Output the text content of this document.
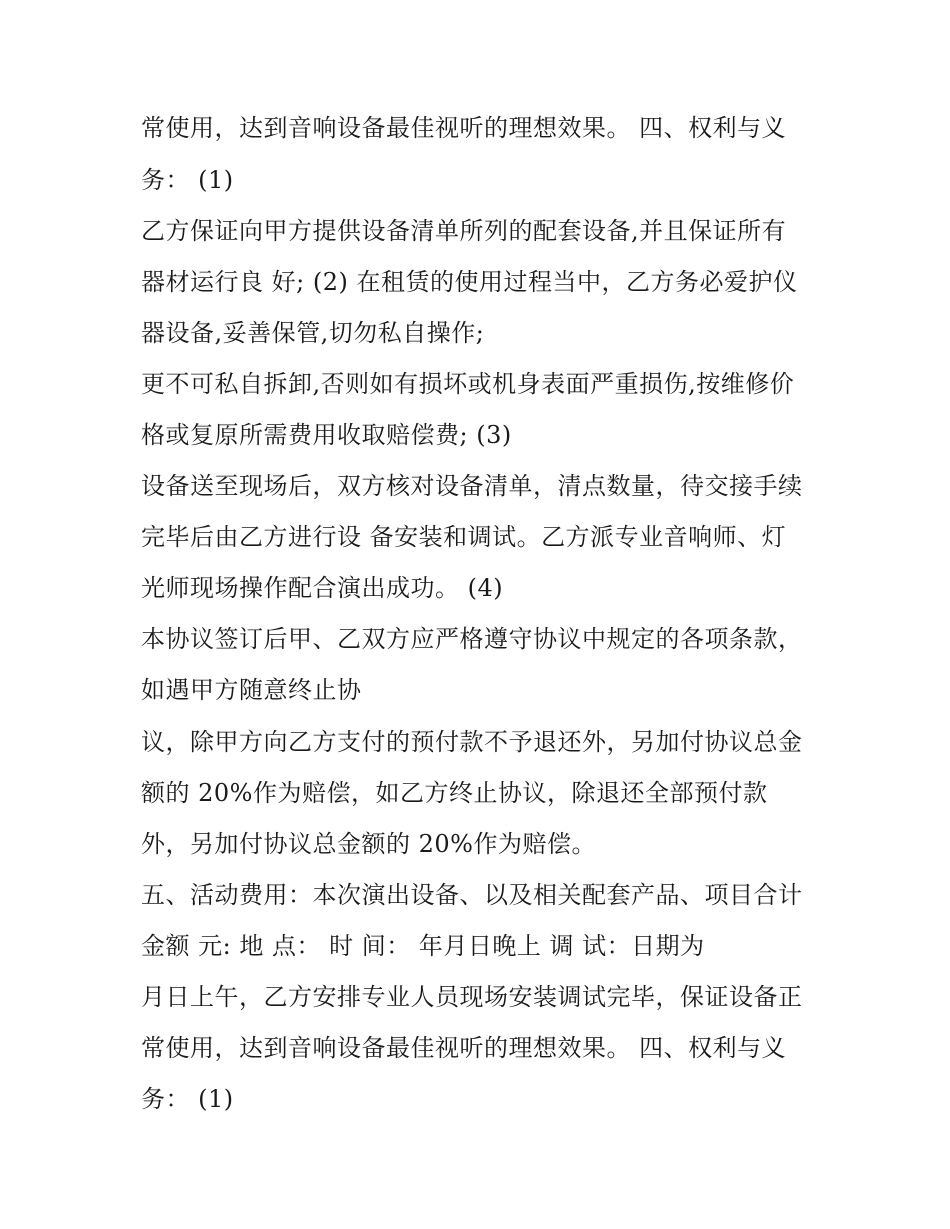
常使用，达到音响设备最佳视听的理想效果。 四、权利与义
务： (1)
乙方保证向甲方提供设备清单所列的配套设备,并且保证所有
器材运行良 好; (2) 在租赁的使用过程当中，乙方务必爱护仪
器设备,妥善保管,切勿私自操作;
更不可私自拆卸,否则如有损坏或机身表面严重损伤,按维修价
格或复原所需费用收取赔偿费; (3)
设备送至现场后，双方核对设备清单，清点数量，待交接手续
完毕后由乙方进行设 备安装和调试。乙方派专业音响师、灯
光师现场操作配合演出成功。 (4)
本协议签订后甲、乙双方应严格遵守协议中规定的各项条款，
如遇甲方随意终止协
议，除甲方向乙方支付的预付款不予退还外，另加付协议总金
额的 20%作为赔偿，如乙方终止协议，除退还全部预付款
外，另加付协议总金额的 20%作为赔偿。
五、活动费用：本次演出设备、以及相关配套产品、项目合计
金额 元: 地 点： 时 间： 年月日晚上 调 试：日期为
月日上午，乙方安排专业人员现场安装调试完毕，保证设备正
常使用，达到音响设备最佳视听的理想效果。 四、权利与义
务： (1)
